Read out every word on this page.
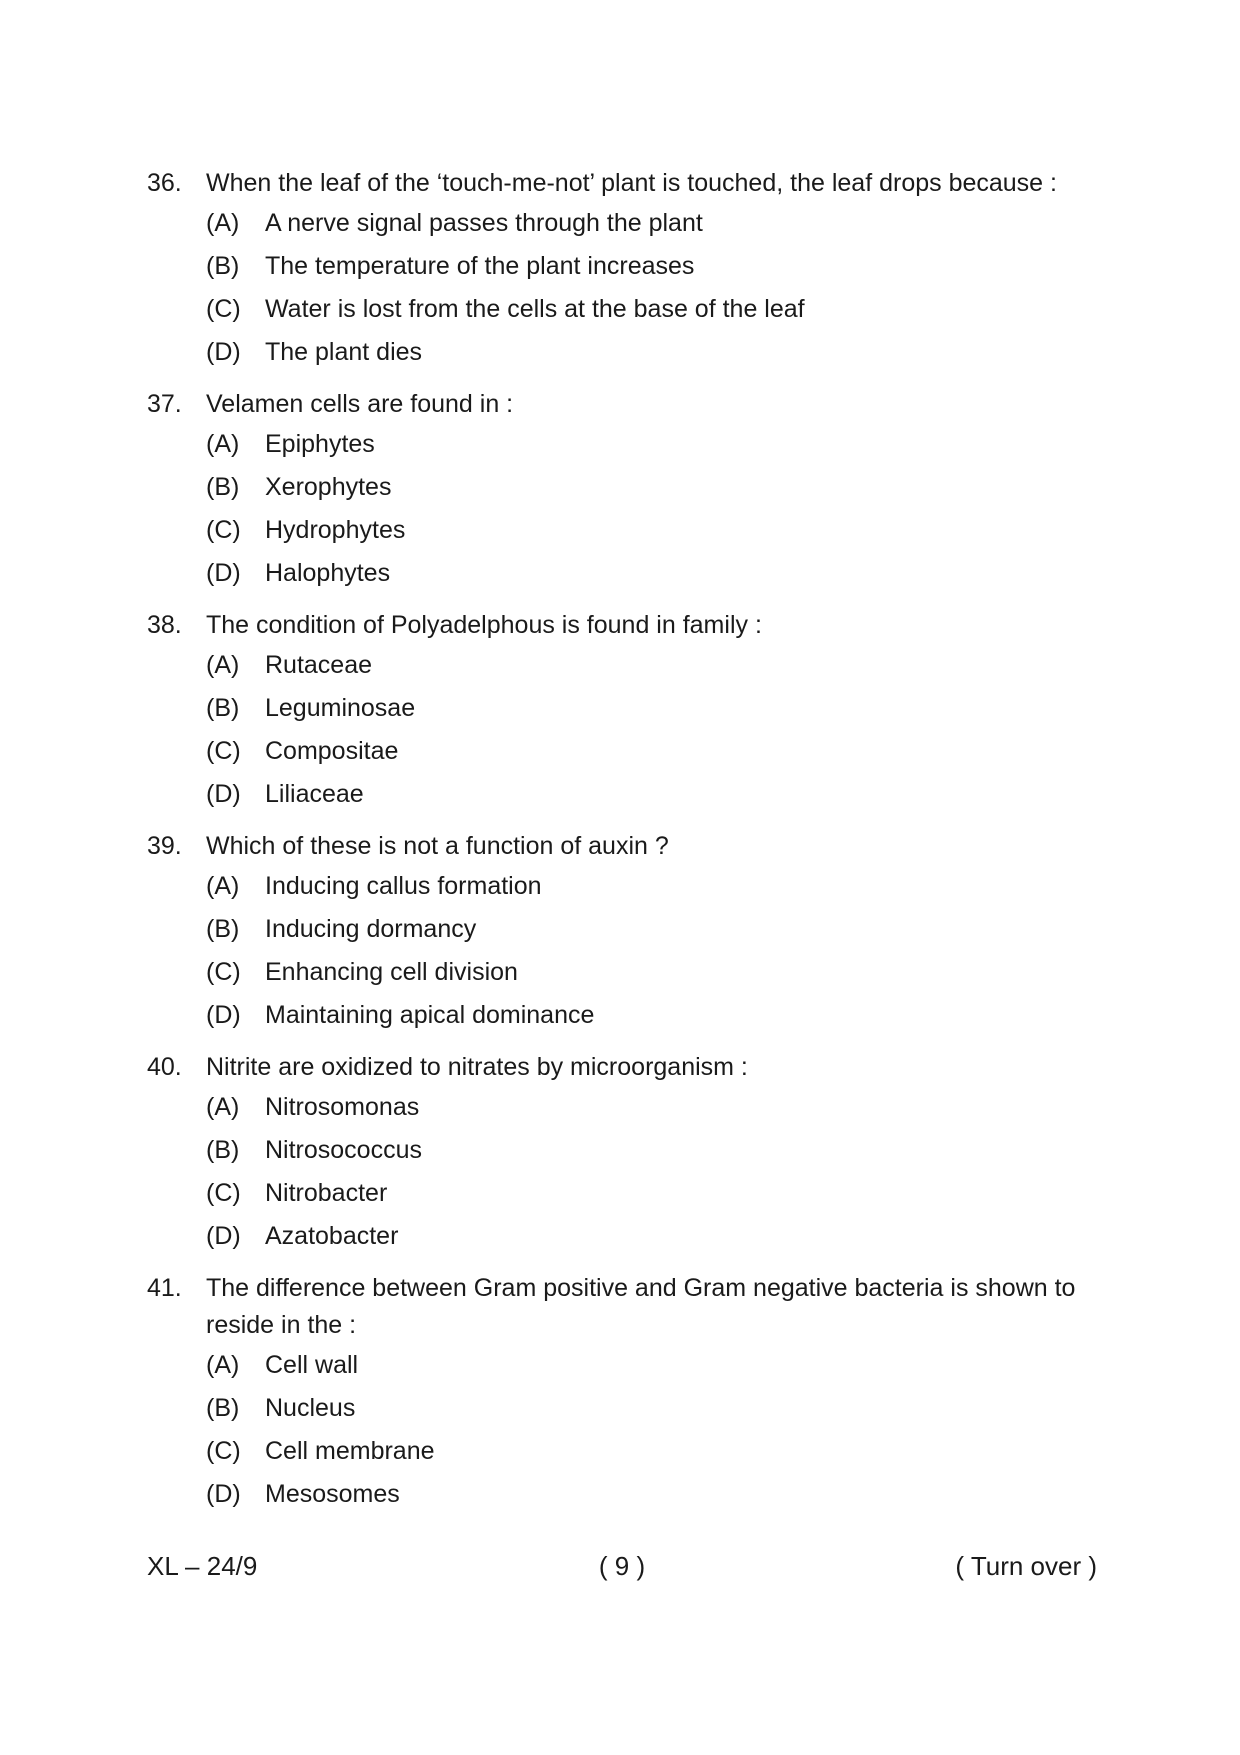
36. When the leaf of the ‘touch-me-not’ plant is touched, the leaf drops because :
(A)	A nerve signal passes through the plant
(B)	The temperature of the plant increases
(C) Water is lost from the cells at the base of the leaf
(D) The plant dies
37. Velamen cells are found in :
(A)	Epiphytes
(B)	Xerophytes
(C) Hydrophytes
(D) Halophytes
38. The condition of Polyadelphous is found in family :
(A)	Rutaceae
(B)	Leguminosae
(C) Compositae
(D) Liliaceae
39. Which of these is not a function of auxin ?
(A)	Inducing callus formation
(B)	Inducing dormancy
(C) Enhancing cell division
(D) Maintaining apical dominance
40. Nitrite are oxidized to nitrates by microorganism :
(A)	Nitrosomonas
(B)	Nitrosococcus
(C) Nitrobacter
(D) Azatobacter
41. The difference between Gram positive and Gram negative bacteria is shown to reside in the :
(A)	Cell wall
(B)	Nucleus
(C) Cell membrane
(D) Mesosomes
XL – 24/9	( 9 )	( Turn over )
